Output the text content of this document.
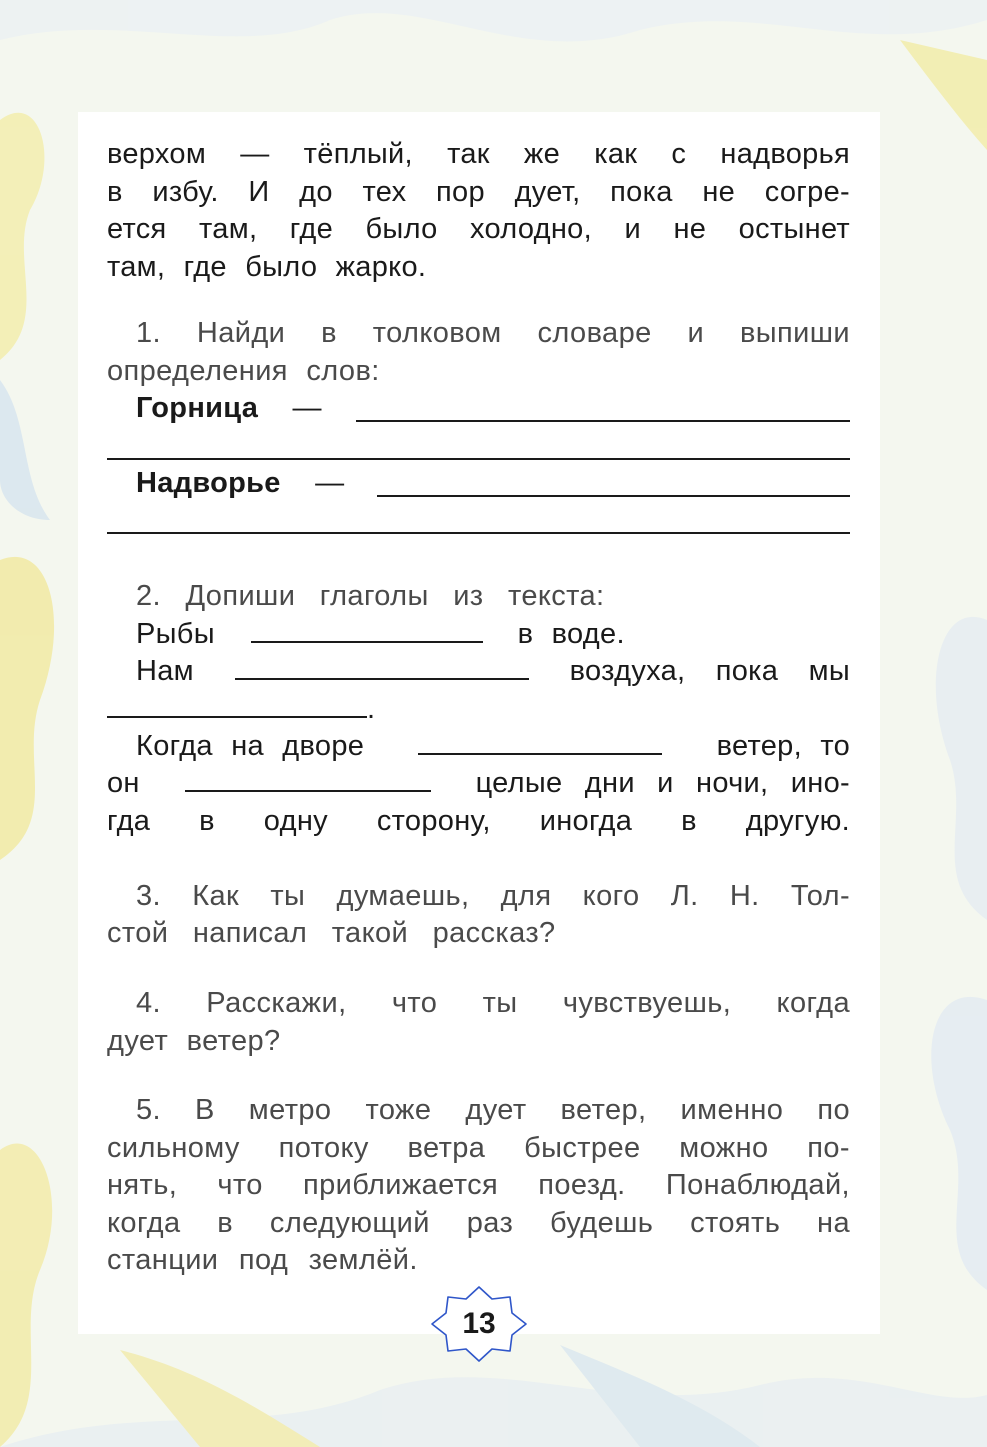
верхом — тёплый, так же как с надворья
в избу. И до тех пор дует, пока не согре-
ется там, где было холодно, и не остынет
там, где было жарко.
1. Найди в толковом словаре и выпиши
определения слов:
Горница —
Надворье —
2. Допиши глаголы из текста:
Рыбы	в воде.
Нам	воздуха, пока мы
.
Когда на дворе	ветер, то
он	целые дни и ночи, ино-
гда в одну сторону, иногда в другую.
3. Как ты думаешь, для кого Л. Н. Тол-
стой написал такой рассказ?
4. Расскажи, что ты чувствуешь, когда
дует ветер?
5. В метро тоже дует ветер, именно по
сильному потоку ветра быстрее можно по-
нять, что приближается поезд. Понаблюдай,
когда в следующий раз будешь стоять на
станции под землёй.
13
